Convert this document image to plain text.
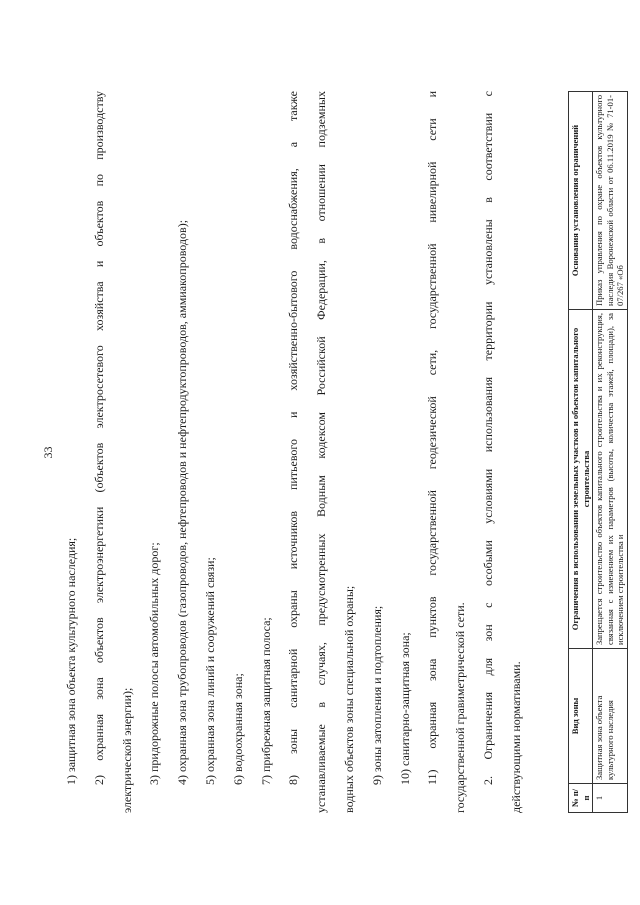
33

1) защитная зона объекта культурного наследия;	2) охранная зона объектов электроэнергетики (объектов электросетевого хозяйства и объектов по производству	электрической энергии);	3) придорожные полосы автомобильных дорог;	4) охранная зона трубопроводов (газопроводов, нефтепроводов и нефтепродуктопроводов, аммиакопроводов);	5) охранная зона линий и сооружений связи;	6) водоохранная зона;	7) прибрежная защитная полоса;	8) зоны санитарной охраны источников питьевого и хозяйственно-бытового водоснабжения, а также	устанавливаемые в случаях, предусмотренных Водным кодексом Российской Федерации, в отношении подземных	водных объектов зоны специальной охраны;	9) зоны затопления и подтопления;	10) санитарно-защитная зона;	11) охранная зона пунктов государственной геодезической сети, государственной нивелирной сети и	государственной гравиметрической сети.	2. Ограничения для зон с особыми условиями использования территории установлены в соответствии с	действующими нормативами.	№ п/п	Вид зоны	Ограничения в использовании земельных участков и объектов капитального строительства	Основания установления ограничений
1	Защитная зона объекта культурного наследия	Запрещается строительство объектов капитального строительства и их реконструкция, связанная с изменением их параметров (высоты, количества этажей, площади), за исключением строительства и	Приказ управления по охране объектов культурного наследия Воронежской области от 06.11.2019 № 71-01-07/267 «Об
